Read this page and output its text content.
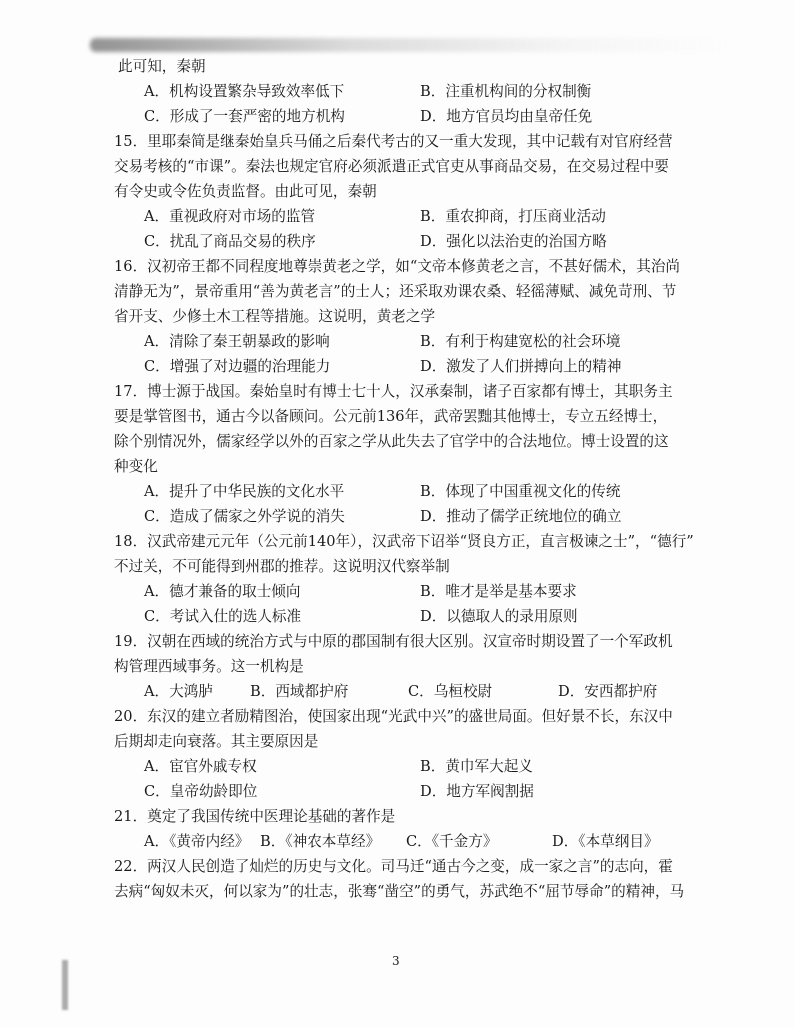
此可知，秦朝
A．机构设置繁杂导致效率低下	B．注重机构间的分权制衡
C．形成了一套严密的地方机构	D．地方官员均由皇帝任免
15．里耶秦简是继秦始皇兵马俑之后秦代考古的又一重大发现，其中记载有对官府经营
交易考核的“市课”。秦法也规定官府必须派遣正式官吏从事商品交易，在交易过程中要
有令史或令佐负责监督。由此可见，秦朝
A．重视政府对市场的监管	B．重农抑商，打压商业活动
C．扰乱了商品交易的秩序	D．强化以法治吏的治国方略
16．汉初帝王都不同程度地尊崇黄老之学，如“文帝本修黄老之言，不甚好儒术，其治尚
清静无为”，景帝重用“善为黄老言”的士人；还采取劝课农桑、轻徭薄赋、减免苛刑、节
省开支、少修土木工程等措施。这说明，黄老之学
A．清除了秦王朝暴政的影响	B．有利于构建宽松的社会环境
C．增强了对边疆的治理能力	D．激发了人们拼搏向上的精神
17．博士源于战国。秦始皇时有博士七十人，汉承秦制，诸子百家都有博士，其职务主
要是掌管图书，通古今以备顾问。公元前136年，武帝罢黜其他博士，专立五经博士，
除个别情况外，儒家经学以外的百家之学从此失去了官学中的合法地位。博士设置的这
种变化
A．提升了中华民族的文化水平	B．体现了中国重视文化的传统
C．造成了儒家之外学说的消失	D．推动了儒学正统地位的确立
18．汉武帝建元元年（公元前140年），汉武帝下诏举“贤良方正，直言极谏之士”，“德行”
不过关，不可能得到州郡的推荐。这说明汉代察举制
A．德才兼备的取士倾向	B．唯才是举是基本要求
C．考试入仕的选人标准	D．以德取人的录用原则
19．汉朝在西域的统治方式与中原的郡国制有很大区别。汉宣帝时期设置了一个军政机
构管理西域事务。这一机构是
A．大鸿胪	B．西域都护府	C．乌桓校尉	D．安西都护府
20．东汉的建立者励精图治，使国家出现“光武中兴”的盛世局面。但好景不长，东汉中
后期却走向衰落。其主要原因是
A．宦官外戚专权	B．黄巾军大起义
C．皇帝幼龄即位	D．地方军阀割据
21．奠定了我国传统中医理论基础的著作是
A．《黄帝内经》 B．《神农本草经》 C．《千金方》	D．《本草纲目》
22．两汉人民创造了灿烂的历史与文化。司马迁“通古今之变，成一家之言”的志向，霍
去病“匈奴未灭，何以家为”的壮志，张骞“凿空”的勇气，苏武绝不“屈节辱命”的精神，马
3
